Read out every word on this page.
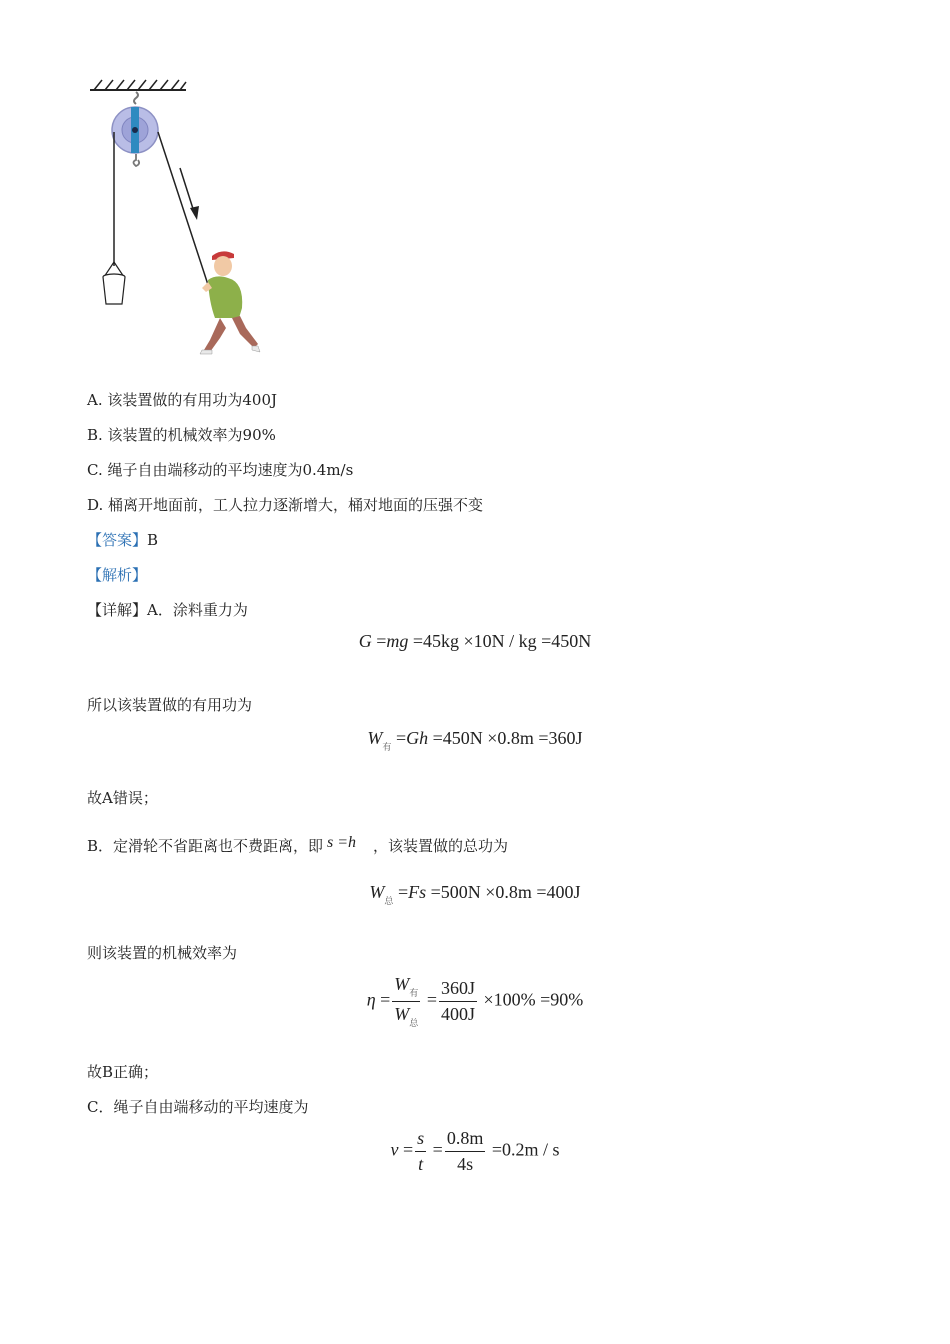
A. 该装置做的有用功为400J
B. 该装置的机械效率为90%
C. 绳子自由端移动的平均速度为0.4m/s
D. 桶离开地面前，工人拉力逐渐增大，桶对地面的压强不变
【答案】B
【解析】
【详解】A．涂料重力为
G =mg =45kg ×10N / kg =450N
所以该装置做的有用功为
$W_有 =Gh =450N \times 0.8m =360J$
故A错误；
B．定滑轮不省距离也不费距离，即 s =h ，该装置做的总功为
$W_总 =Fs =500N \times 0.8m =400J$
则该装置的机械效率为
$\eta = \frac{W_有}{W_总} = \frac{360J}{400J} \times 100\% =90\%$
故B正确；
C．绳子自由端移动的平均速度为
$v = \frac{s}{t} = \frac{0.8m}{4s} =0.2m / s$
